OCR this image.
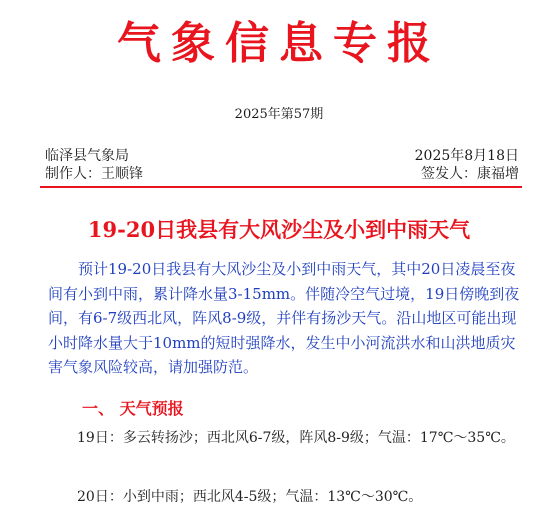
气象信息专报
2025年第57期
临泽县气象局	2025年8月18日
制作人：王顺锋	签发人：康福增
19-20日我县有大风沙尘及小到中雨天气

预计19-20日我县有大风沙尘及小到中雨天气，其中20日凌晨至夜间有小到中雨，累计降水量3-15mm。伴随冷空气过境，19日傍晚到夜间，有6-7级西北风，阵风8-9级，并伴有扬沙天气。沿山地区可能出现小时降水量大于10mm的短时强降水，发生中小河流洪水和山洪地质灾害气象风险较高，请加强防范。

一、 天气预报

19日：多云转扬沙；西北风6-7级，阵风8-9级；气温：17℃～35℃。

20日：小到中雨；西北风4-5级；气温：13℃～30℃。
